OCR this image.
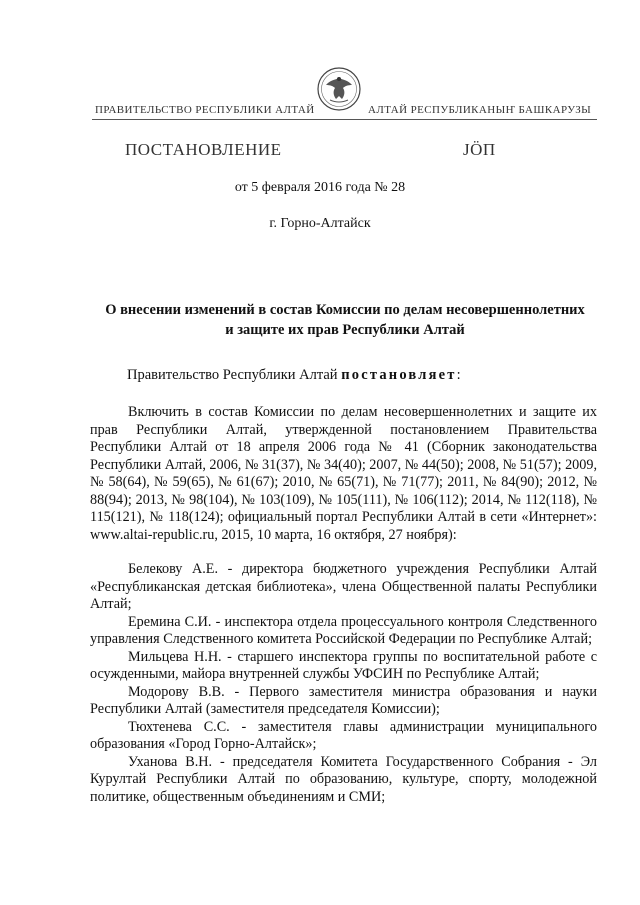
ПРАВИТЕЛЬСТВО РЕСПУБЛИКИ АЛТАЙ	АЛТАЙ РЕСПУБЛИКАНЫҤ БАШКАРУЗЫ
ПОСТАНОВЛЕНИЕ	ЈӦП
от 5 февраля 2016 года № 28
г. Горно-Алтайск
О внесении изменений в состав Комиссии по делам несовершеннолетних
и защите их прав Республики Алтай
Правительство Республики Алтай постановляет:
Включить в состав Комиссии по делам несовершеннолетних и защите их прав Республики Алтай, утвержденной постановлением Правительства Республики Алтай от 18 апреля 2006 года № 41 (Сборник законодательства Республики Алтай, 2006, № 31(37), № 34(40); 2007, № 44(50); 2008, № 51(57); 2009, № 58(64), № 59(65), № 61(67); 2010, № 65(71), № 71(77); 2011, № 84(90); 2012, № 88(94); 2013, № 98(104), № 103(109), № 105(111), № 106(112); 2014, № 112(118), № 115(121), № 118(124); официальный портал Республики Алтай в сети «Интернет»: www.altai-republic.ru, 2015, 10 марта, 16 октября, 27 ноября):

Белекову А.Е. - директора бюджетного учреждения Республики Алтай «Республиканская детская библиотека», члена Общественной палаты Республики Алтай;

Еремина С.И. - инспектора отдела процессуального контроля Следственного управления Следственного комитета Российской Федерации по Республике Алтай;

Мильцева Н.Н. - старшего инспектора группы по воспитательной работе с осужденными, майора внутренней службы УФСИН по Республике Алтай;

Модорову В.В. - Первого заместителя министра образования и науки Республики Алтай (заместителя председателя Комиссии);

Тюхтенева С.С. - заместителя главы администрации муниципального образования «Город Горно-Алтайск»;

Уханова В.Н. - председателя Комитета Государственного Собрания - Эл Курултай Республики Алтай по образованию, культуре, спорту, молодежной политике, общественным объединениям и СМИ;
